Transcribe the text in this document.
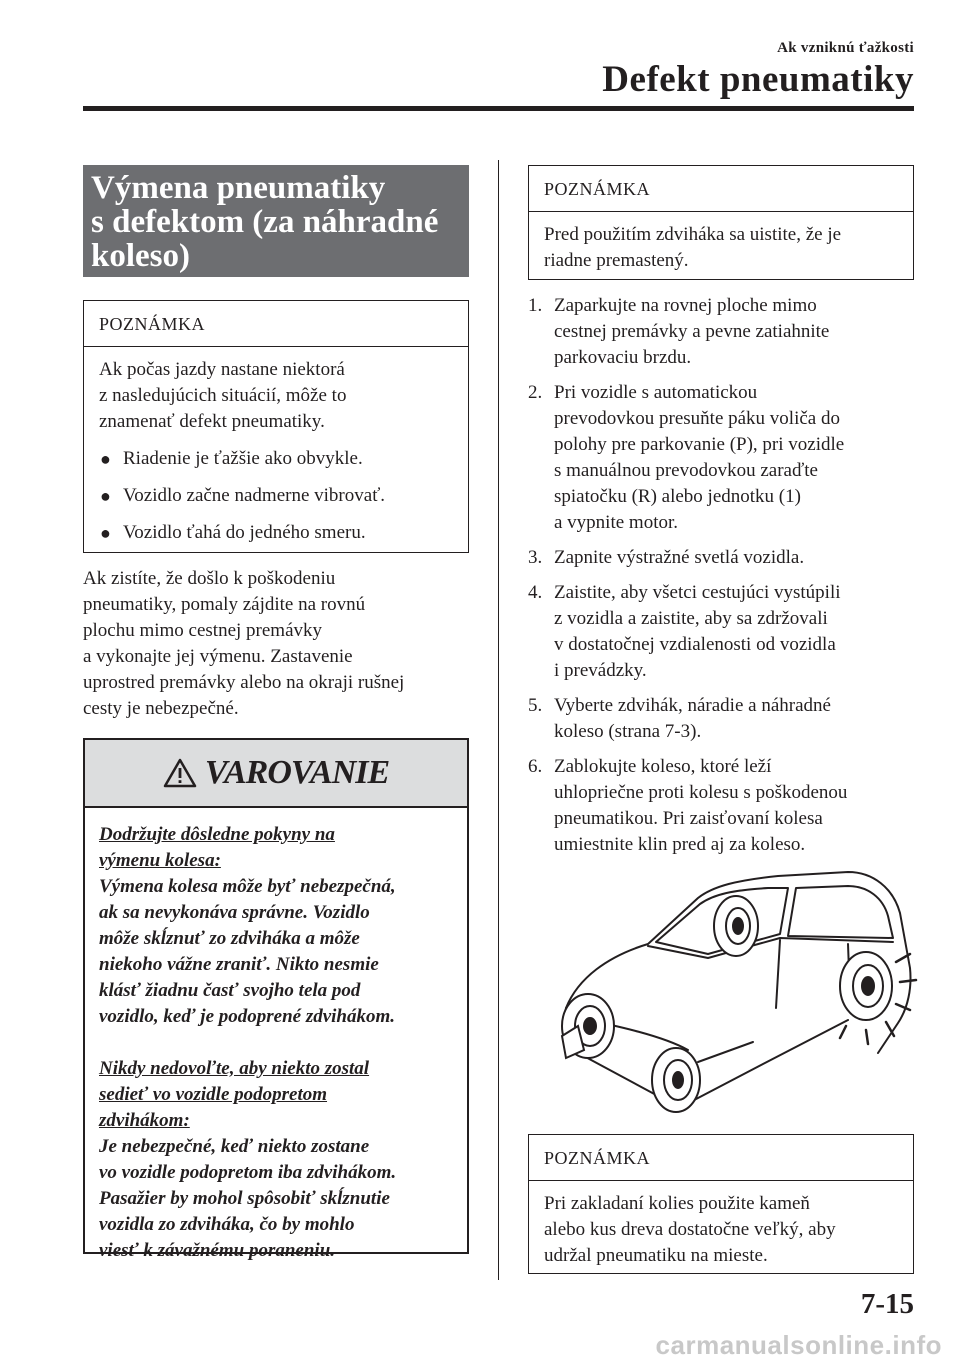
Ak vzniknú ťažkosti
Defekt pneumatiky
Výmena pneumatiky
s defektom (za náhradné
koleso)
POZNÁMKA
Ak počas jazdy nastane niektorá
z nasledujúcich situácií, môže to
znamenať defekt pneumatiky.
● Riadenie je ťažšie ako obvykle.
● Vozidlo začne nadmerne vibrovať.
● Vozidlo ťahá do jedného smeru.
Ak zistíte, že došlo k poškodeniu
pneumatiky, pomaly zájdite na rovnú
plochu mimo cestnej premávky
a vykonajte jej výmenu. Zastavenie
uprostred premávky alebo na okraji rušnej
cesty je nebezpečné.
VAROVANIE
Dodržujte dôsledne pokyny na
výmenu kolesa:
Výmena kolesa môže byť nebezpečná,
ak sa nevykonáva správne. Vozidlo
môže skĺznuť zo zdviháka a môže
niekoho vážne zraniť. Nikto nesmie
klásť žiadnu časť svojho tela pod
vozidlo, keď je podoprené zdvihákom.
Nikdy nedovoľte, aby niekto zostal
sedieť vo vozidle podopretom
zdvihákom:
Je nebezpečné, keď niekto zostane
vo vozidle podopretom iba zdvihákom.
Pasažier by mohol spôsobiť skĺznutie
vozidla zo zdviháka, čo by mohlo
viesť k závažnému poraneniu.
POZNÁMKA
Pred použitím zdviháka sa uistite, že je
riadne premastený.
1. Zaparkujte na rovnej ploche mimo
cestnej premávky a pevne zatiahnite
parkovaciu brzdu.
2. Pri vozidle s automatickou
prevodovkou presuňte páku voliča do
polohy pre parkovanie (P), pri vozidle
s manuálnou prevodovkou zaraďte
spiatočku (R) alebo jednotku (1)
a vypnite motor.
3. Zapnite výstražné svetlá vozidla.
4. Zaistite, aby všetci cestujúci vystúpili
z vozidla a zaistite, aby sa zdržovali
v dostatočnej vzdialenosti od vozidla
i prevádzky.
5. Vyberte zdvihák, náradie a náhradné
koleso (strana 7-3).
6. Zablokujte koleso, ktoré leží
uhlopriečne proti kolesu s poškodenou
pneumatikou. Pri zaisťovaní kolesa
umiestnite klin pred aj za koleso.
POZNÁMKA
Pri zakladaní kolies použite kameň
alebo kus dreva dostatočne veľký, aby
udržal pneumatiku na mieste.
7-15
carmanualsonline.info
